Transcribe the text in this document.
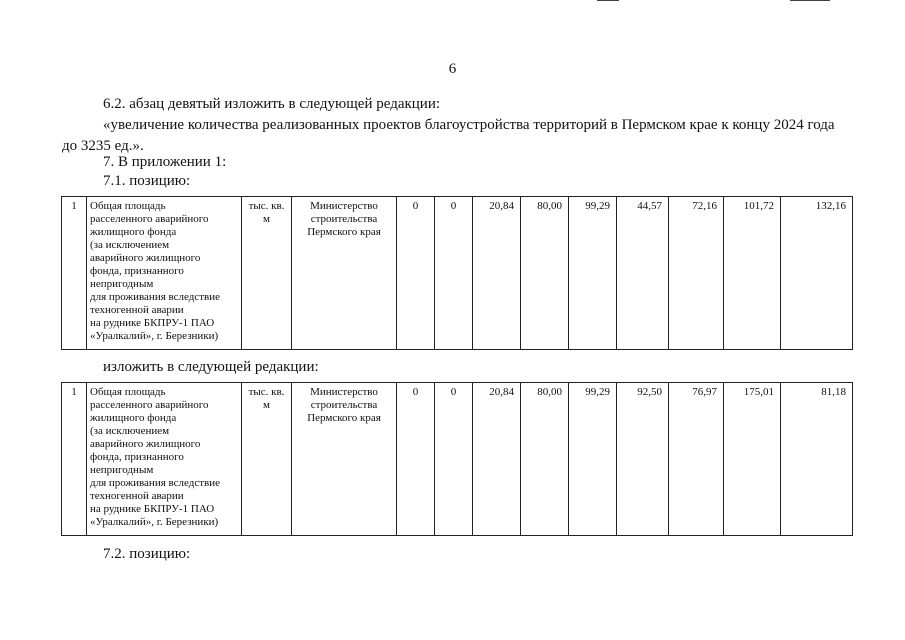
6
6.2. абзац девятый изложить в следующей редакции:
«увеличение количества реализованных проектов благоустройства территорий в Пермском крае к концу 2024 года
до 3235 ед.».
7. В приложении 1:
7.1. позицию:
1	Общая площадь
расселенного аварийного
жилищного фонда
(за исключением
аварийного жилищного
фонда, признанного
непригодным
для проживания вследствие
техногенной аварии
на руднике БКПРУ-1 ПАО
«Уралкалий», г. Березники)	тыс. кв.
м	Министерство
строительства
Пермского края	0	0	20,84	80,00	99,29	44,57	72,16	101,72	132,16
изложить в следующей редакции:
1	Общая площадь
расселенного аварийного
жилищного фонда
(за исключением
аварийного жилищного
фонда, признанного
непригодным
для проживания вследствие
техногенной аварии
на руднике БКПРУ-1 ПАО
«Уралкалий», г. Березники)	тыс. кв.
м	Министерство
строительства
Пермского края	0	0	20,84	80,00	99,29	92,50	76,97	175,01	81,18
7.2. позицию:
